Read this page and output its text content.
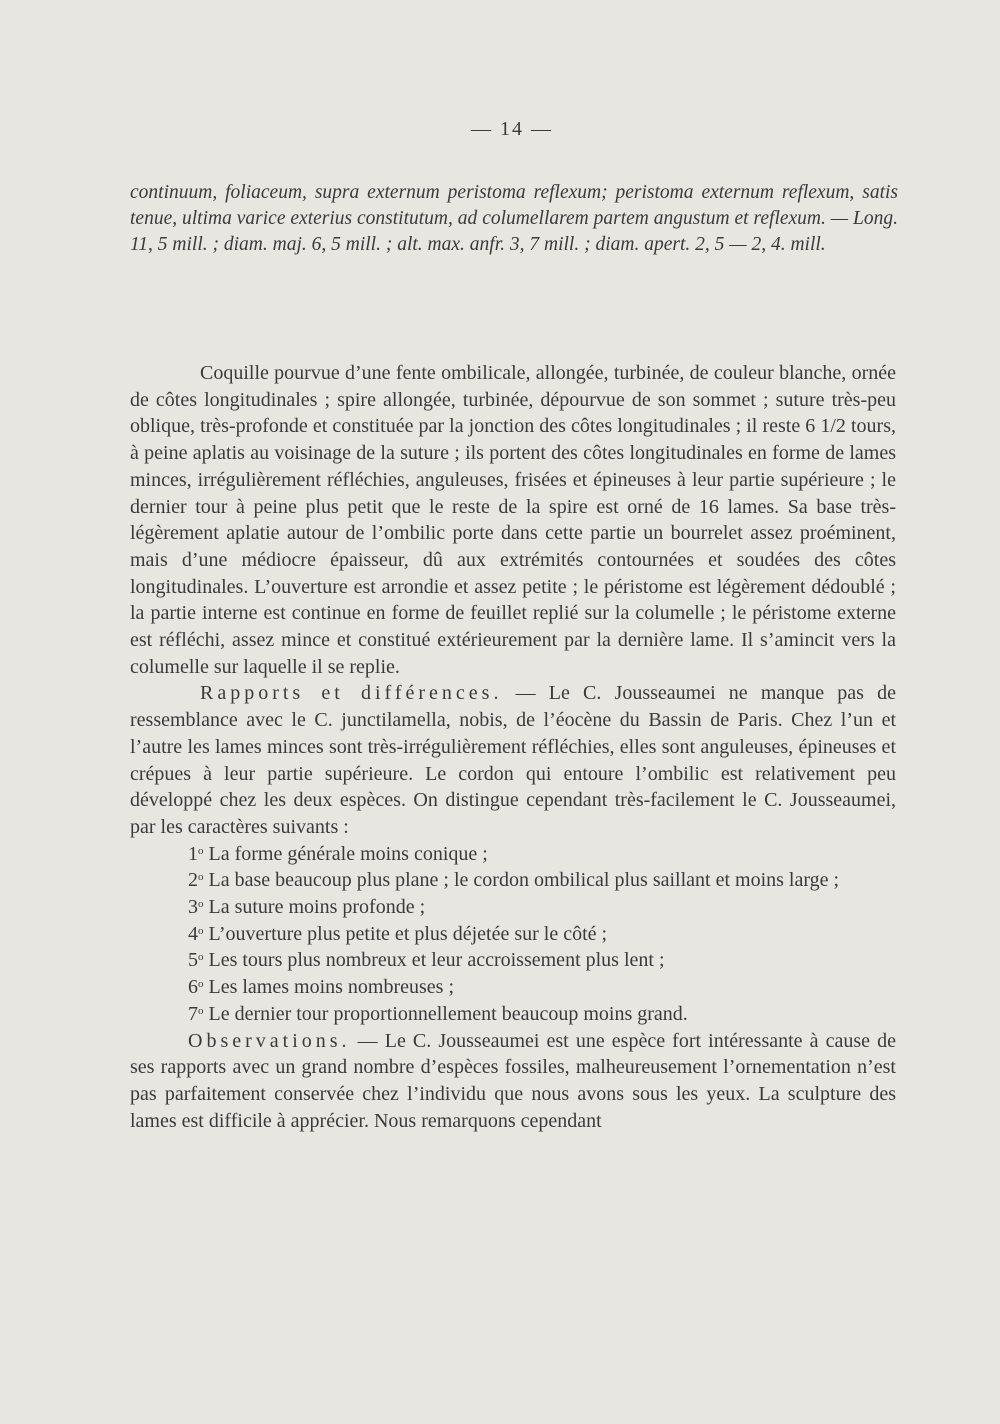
— 14 —

continuum, foliaceum, supra externum peristoma reflexum; peristoma externum reflexum, satis tenue, ultima varice exterius constitutum, ad columellarem partem angustum et reflexum. — Long. 11, 5 mill. ; diam. maj. 6, 5 mill. ; alt. max. anfr. 3, 7 mill. ; diam. apert. 2, 5 — 2, 4. mill.

Coquille pourvue d’une fente ombilicale, allongée, turbinée, de couleur blanche, ornée de côtes longitudinales ; spire allongée, turbinée, dépourvue de son sommet ; suture très-peu oblique, très-profonde et constituée par la jonction des côtes longitudinales ; il reste 6 1/2 tours, à peine aplatis au voisinage de la suture ; ils portent des côtes longitudinales en forme de lames minces, irrégulièrement réfléchies, anguleuses, frisées et épineuses à leur partie supérieure ; le dernier tour à peine plus petit que le reste de la spire est orné de 16 lames. Sa base très-légèrement aplatie autour de l’ombilic porte dans cette partie un bourrelet assez proéminent, mais d’une médiocre épaisseur, dû aux extrémités contournées et soudées des côtes longitudinales. L’ouverture est arrondie et assez petite ; le péristome est légèrement dédoublé ; la partie interne est continue en forme de feuillet replié sur la columelle ; le péristome externe est réfléchi, assez mince et constitué extérieurement par la dernière lame. Il s’amincit vers la columelle sur laquelle il se replie.

Rapports et différences. — Le C. Jousseaumei ne manque pas de ressemblance avec le C. junctilamella, nobis, de l’éocène du Bassin de Paris. Chez l’un et l’autre les lames minces sont très-irrégulièrement réfléchies, elles sont anguleuses, épineuses et crépues à leur partie supérieure. Le cordon qui entoure l’ombilic est relativement peu développé chez les deux espèces. On distingue cependant très-facilement le C. Jousseaumei, par les caractères suivants :

1$^o$ La forme générale moins conique ;
2$^o$ La base beaucoup plus plane ; le cordon ombilical plus saillant et moins large ;
3$^o$ La suture moins profonde ;
4$^o$ L’ouverture plus petite et plus déjetée sur le côté ;
5$^o$ Les tours plus nombreux et leur accroissement plus lent ;
6$^o$ Les lames moins nombreuses ;
7$^o$ Le dernier tour proportionnellement beaucoup moins grand.

Observations. — Le C. Jousseaumei est une espèce fort intéressante à cause de ses rapports avec un grand nombre d’espèces fossiles, malheureusement l’ornementation n’est pas parfaitement conservée chez l’individu que nous avons sous les yeux. La sculpture des lames est difficile à apprécier. Nous remarquons cependant
